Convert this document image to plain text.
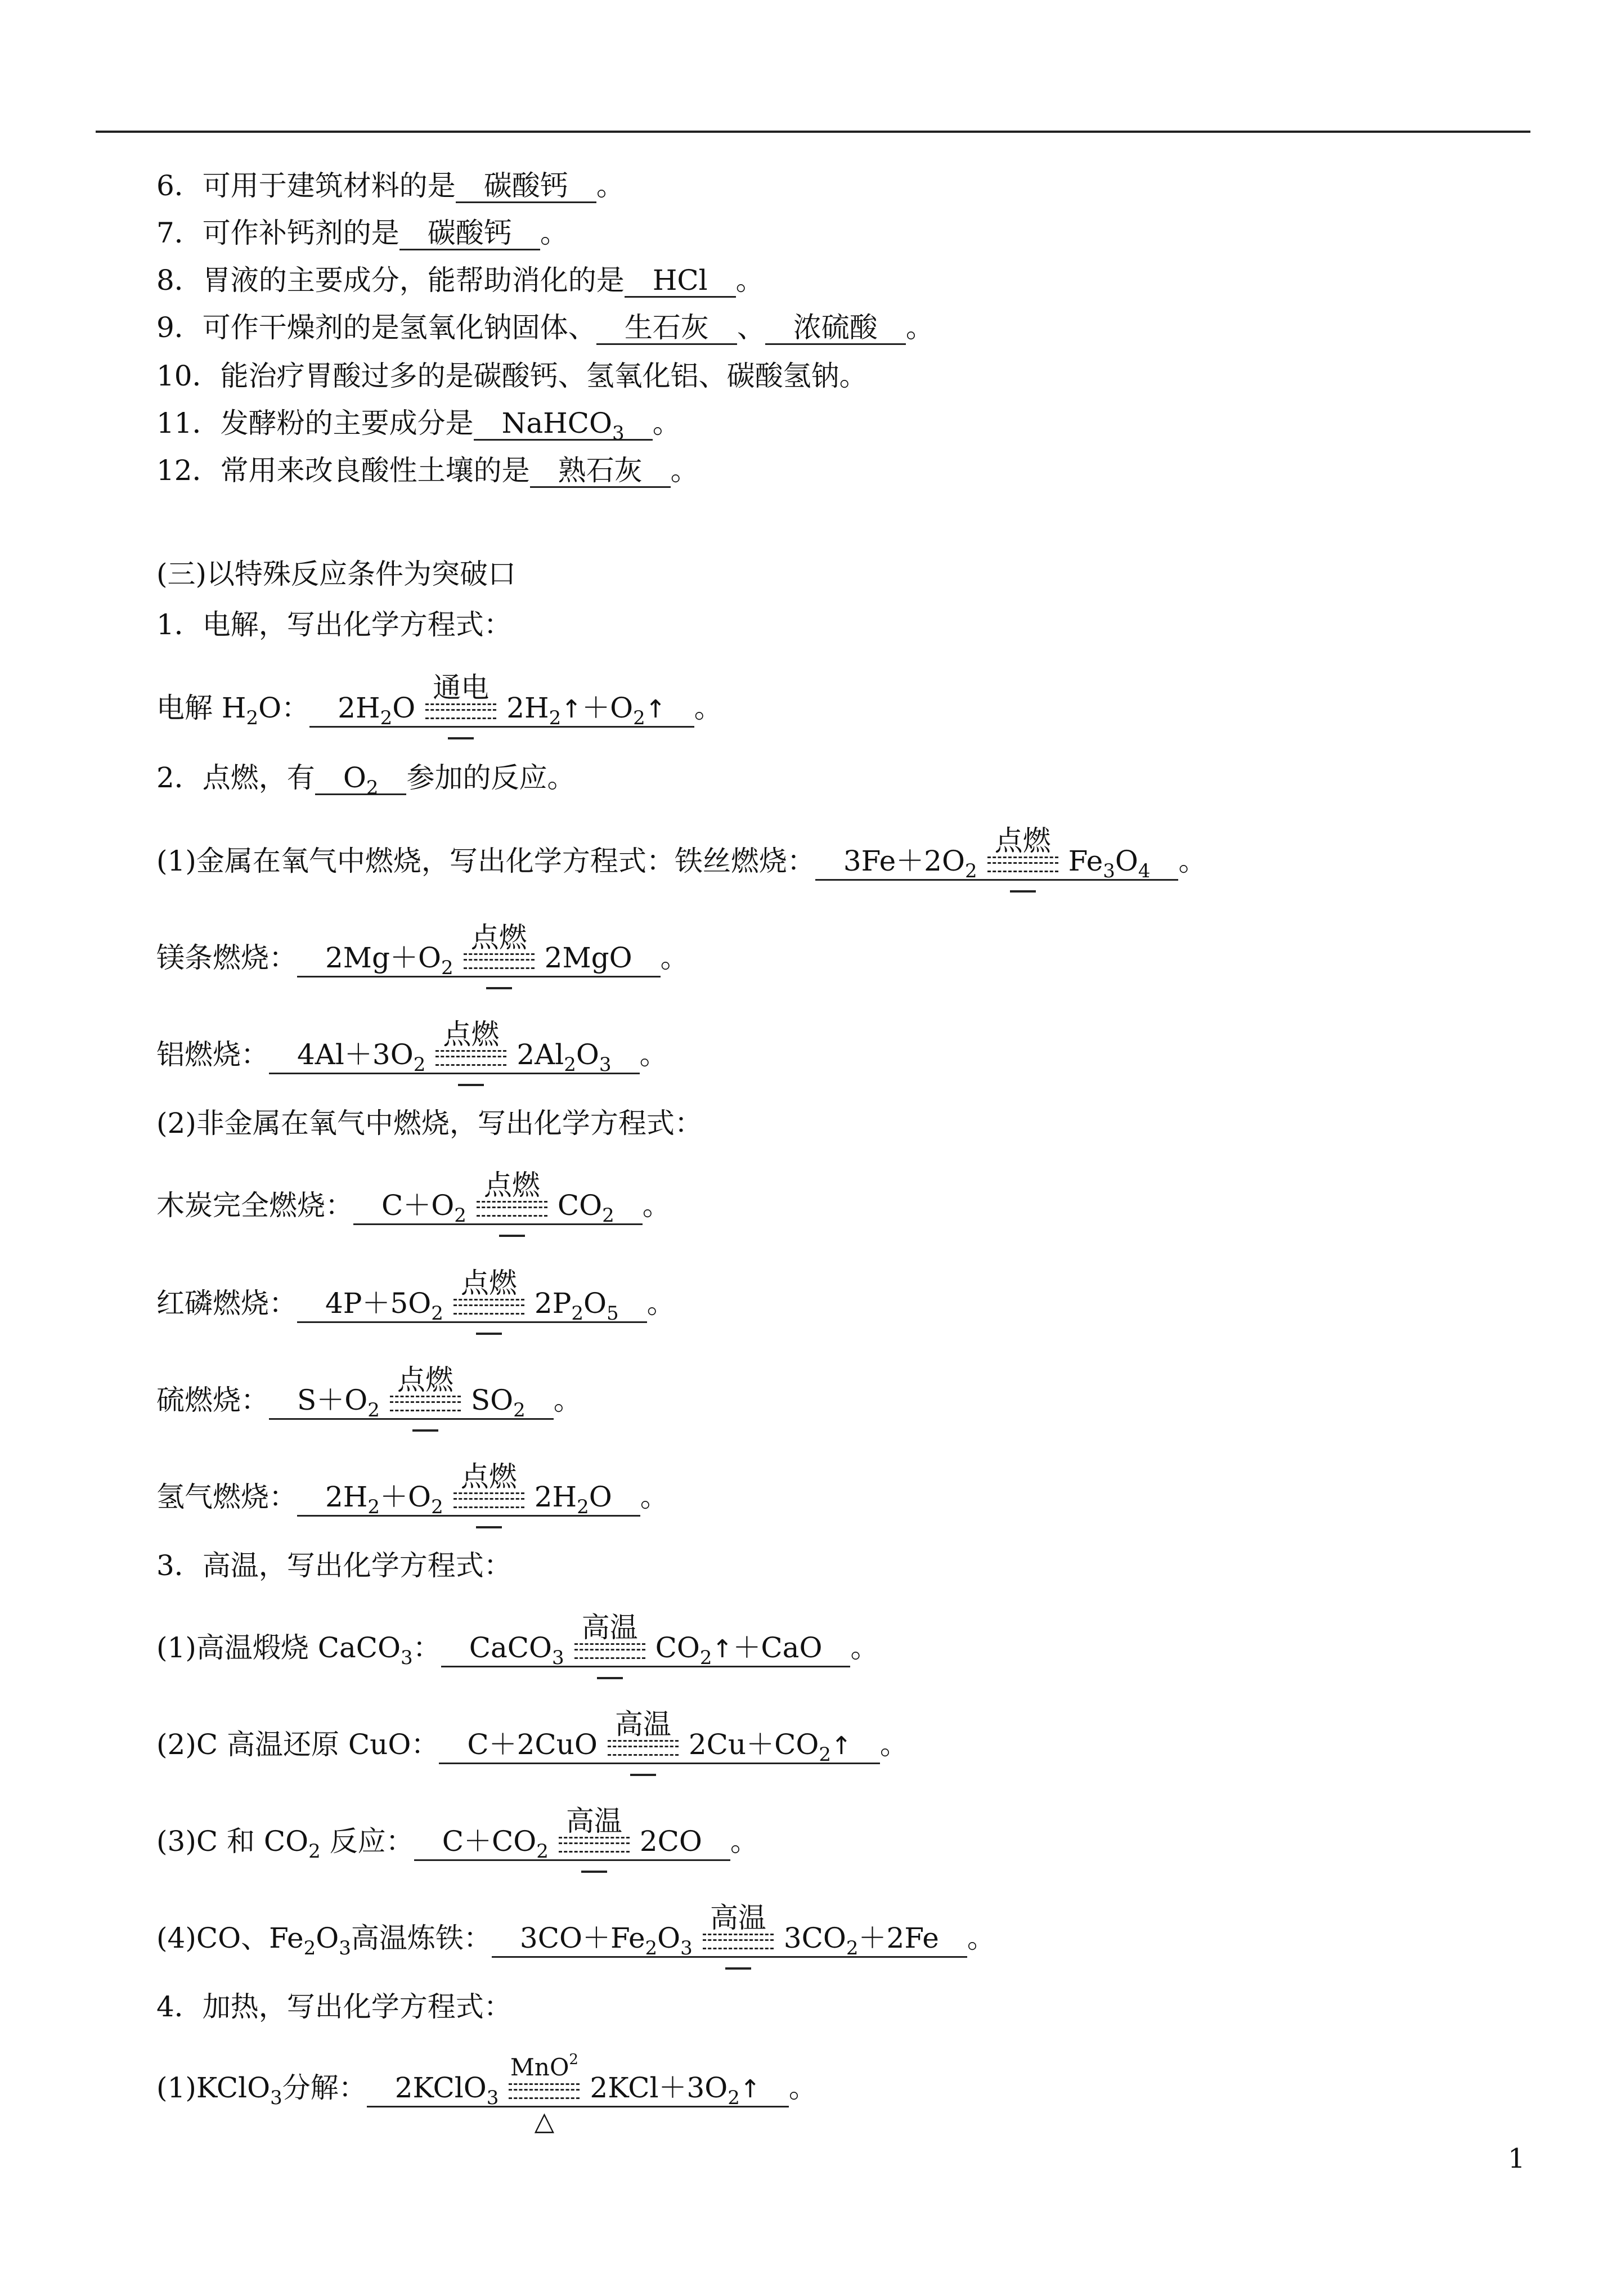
6．可用于建筑材料的是 碳酸钙 。
7．可作补钙剂的是 碳酸钙 。
8．胃液的主要成分，能帮助消化的是 HCl 。
9．可作干燥剂的是氢氧化钠固体、 生石灰 、 浓硫酸 。
10．能治疗胃酸过多的是碳酸钙、氢氧化铝、碳酸氢钠。
11．发酵粉的主要成分是 NaHCO$_3$ 。
12．常用来改良酸性土壤的是 熟石灰 。
(三)以特殊反应条件为突破口
1．电解，写出化学方程式：
电解 $H_2O$： $2H_2O$
通电
$2H_2↑+O_2↑$ 。
2．点燃，有 $O_2$ 参加的反应。
(1)金属在氧气中燃烧，写出化学方程式：铁丝燃烧： $3Fe+2O_2$
点燃
$Fe_3O_4$ 。
镁条燃烧： $2Mg+O_2$
点燃
2MgO 。
铝燃烧： $4Al+3O_2$
点燃
$2Al_2O_3$ 。
(2)非金属在氧气中燃烧，写出化学方程式：
木炭完全燃烧： $C+O_2$
点燃
$CO_2$ 。
红磷燃烧： $4P+5O_2$
点燃
$2P_2O_5$ 。
硫燃烧： $S+O_2$
点燃
$SO_2$ 。
氢气燃烧： $2H_2+O_2$
点燃
$2H_2O$ 。
3．高温，写出化学方程式：
(1)高温煅烧 CaCO$_3$： CaCO$_3$
高温
$CO_2↑+CaO$ 。
(2)C 高温还原 CuO： C＋2CuO
高温
$2Cu+CO_2↑$ 。
(3)C 和 $CO_2$ 反应： $C+CO_2$
高温
2CO 。
(4)CO、$Fe_2O_3$高温炼铁： $3CO+Fe_2O_3$
高温
$3CO_2+2Fe$ 。
4．加热，写出化学方程式：
(1)KClO$_3$分解： 2KClO$_3$
MnO$^2$
△
$2KCl+3O_2↑$ 。
1
